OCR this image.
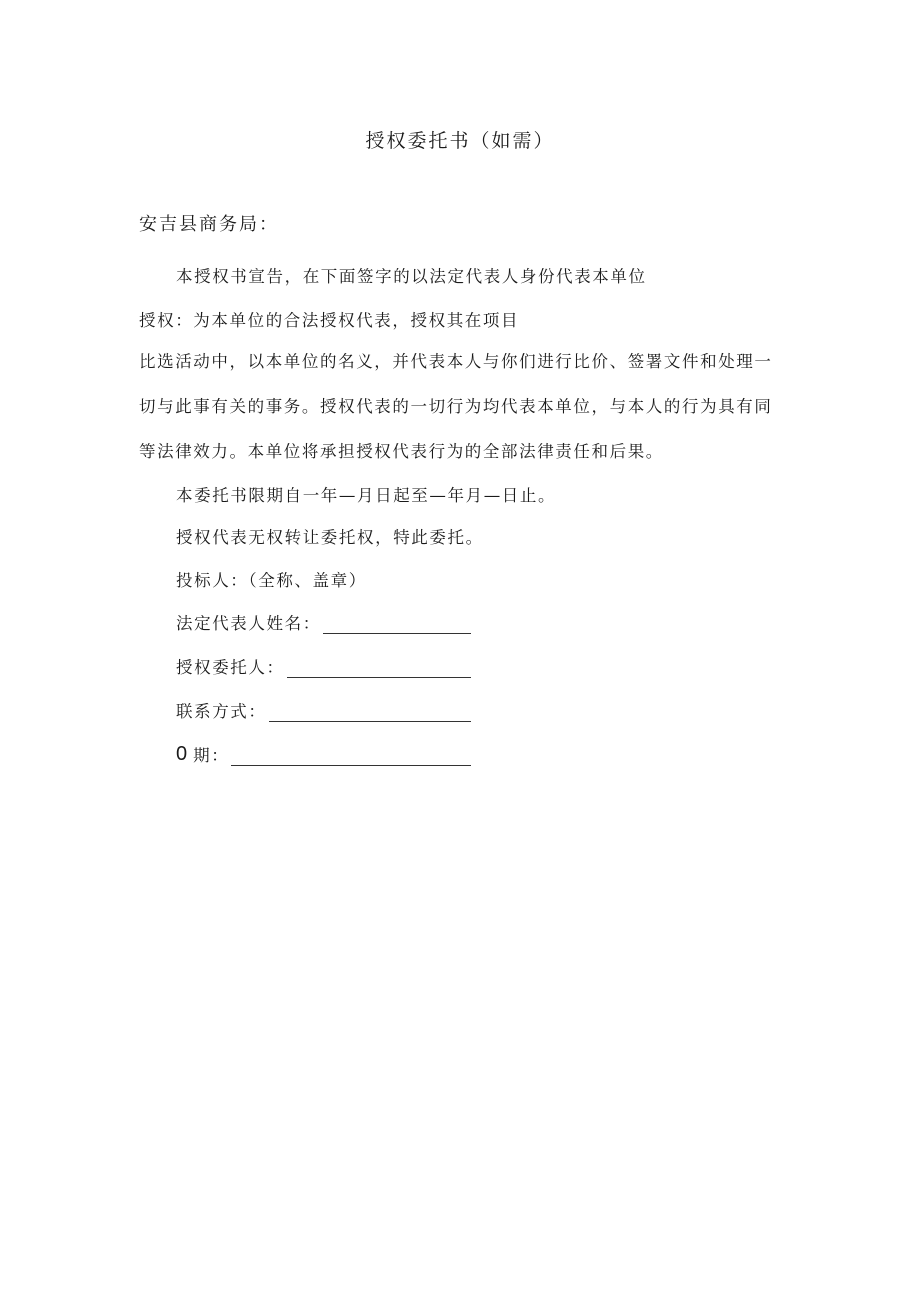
授权委托书（如需）
安吉县商务局：
本授权书宣告，在下面签字的以法定代表人身份代表本单位
授权：为本单位的合法授权代表，授权其在项目
比选活动中，以本单位的名义，并代表本人与你们进行比价、签署文件和处理一
切与此事有关的事务。授权代表的一切行为均代表本单位，与本人的行为具有同
等法律效力。本单位将承担授权代表行为的全部法律责任和后果。
本委托书限期自一年—月日起至—年月—日止。
授权代表无权转让委托权，特此委托。
投标人：（全称、盖章）
法定代表人姓名：
授权委托人：
联系方式：
0 期：
